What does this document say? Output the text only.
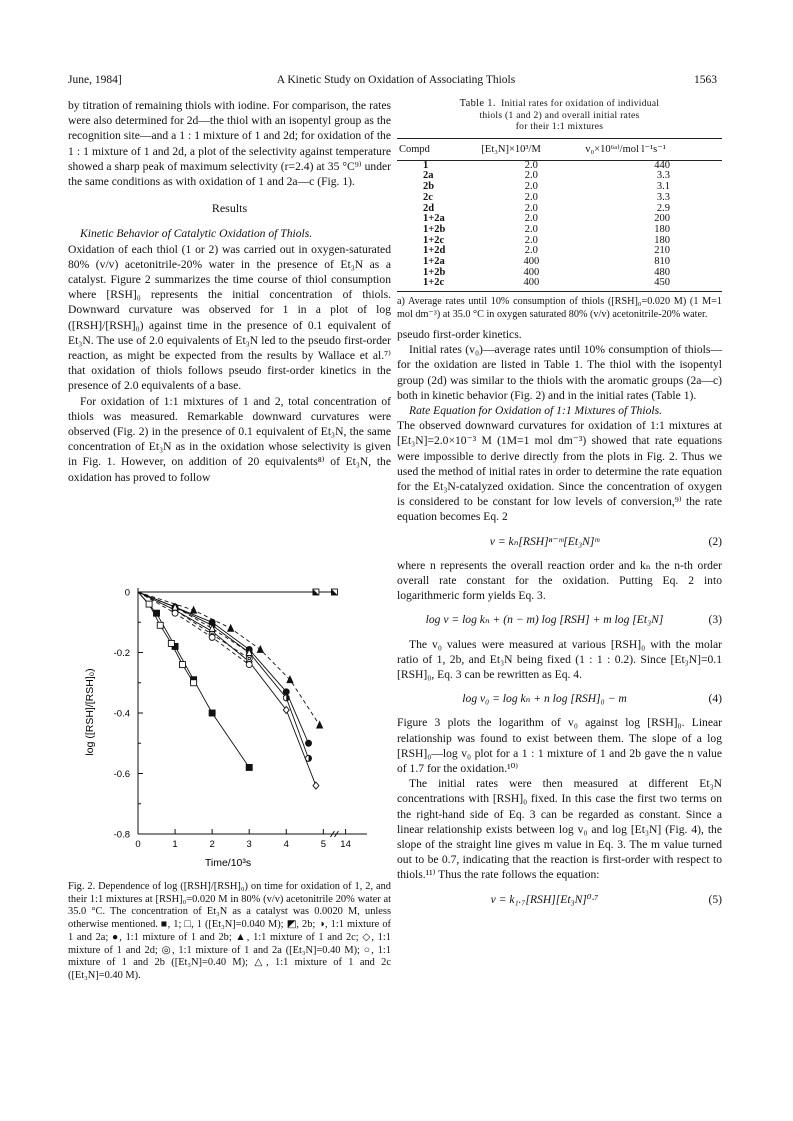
June, 1984]	A Kinetic Study on Oxidation of Associating Thiols	1563

by titration of remaining thiols with iodine. For comparison, the rates were also determined for 2d—the thiol with an isopentyl group as the recognition site—and a 1 : 1 mixture of 1 and 2d; for oxidation of the 1 : 1 mixture of 1 and 2d, a plot of the selectivity against temperature showed a sharp peak of maximum selectivity (r=2.4) at 35 °C⁹⁾ under the same conditions as with oxidation of 1 and 2a—c (Fig. 1).

Results

Kinetic Behavior of Catalytic Oxidation of Thiols.

Oxidation of each thiol (1 or 2) was carried out in oxygen-saturated 80% (v/v) acetonitrile-20% water in the presence of Et₃N as a catalyst. Figure 2 summarizes the time course of thiol consumption where [RSH]₀ represents the initial concentration of thiols. Downward curvature was observed for 1 in a plot of log ([RSH]/[RSH]₀) against time in the presence of 0.1 equivalent of Et₃N. The use of 2.0 equivalents of Et₃N led to the pseudo first-order reaction, as might be expected from the results by Wallace et al.⁷⁾ that oxidation of thiols follows pseudo first-order kinetics in the presence of 2.0 equivalents of a base.

For oxidation of 1:1 mixtures of 1 and 2, total concentration of thiols was measured. Remarkable downward curvatures were observed (Fig. 2) in the presence of 0.1 equivalent of Et₃N, the same concentration of Et₃N as in the oxidation whose selectivity is given in Fig. 1. However, on addition of 20 equivalents⁸⁾ of Et₃N, the oxidation has proved to follow

0
-0.2
-0.4
-0.6
-0.8
0	1	2	3	4	5 14
log ([RSH]/[RSH]₀)
Time/10³s

Fig. 2. Dependence of log ([RSH]/[RSH]₀) on time for oxidation of 1, 2, and their 1:1 mixtures at [RSH]₀=0.020 M in 80% (v/v) acetonitrile 20% water at 35.0 °C. The concentration of Et₃N as a catalyst was 0.0020 M, unless otherwise mentioned. ■, 1; □, 1 ([Et₃N]=0.040 M); ◩, 2b; ◑, 1:1 mixture of 1 and 2a; ●, 1:1 mixture of 1 and 2b; ▲, 1:1 mixture of 1 and 2c; ◇, 1:1 mixture of 1 and 2d; ◎, 1:1 mixture of 1 and 2a ([Et₃N]=0.40 M); ○, 1:1 mixture of 1 and 2b ([Et₃N]=0.40 M); △, 1:1 mixture of 1 and 2c ([Et₃N]=0.40 M).

Table 1. Initial rates for oxidation of individual
thiols (1 and 2) and overall initial rates
for their 1:1 mixtures
Compd	[Et₃N]×10³/M	v₀×10⁶ᵃ⁾/mol l⁻¹s⁻¹
1	2.0	440
2a	2.0	3.3
2b	2.0	3.1
2c	2.0	3.3
2d	2.0	2.9
1+2a	2.0	200
1+2b	2.0	180
1+2c	2.0	180
1+2d	2.0	210
1+2a	400	810
1+2b	400	480
1+2c	400	450

a) Average rates until 10% consumption of thiols ([RSH]₀=0.020 M) (1 M=1 mol dm⁻³) at 35.0 °C in oxygen saturated 80% (v/v) acetonitrile-20% water.

pseudo first-order kinetics.

Initial rates (v₀)—average rates until 10% consumption of thiols—for the oxidation are listed in Table 1. The thiol with the isopentyl group (2d) was similar to the thiols with the aromatic groups (2a—c) both in kinetic behavior (Fig. 2) and in the initial rates (Table 1).

Rate Equation for Oxidation of 1:1 Mixtures of Thiols.

The observed downward curvatures for oxidation of 1:1 mixtures at [Et₃N]=2.0×10⁻³ M (1M=1 mol dm⁻³) showed that rate equations were impossible to derive directly from the plots in Fig. 2. Thus we used the method of initial rates in order to determine the rate equation for the Et₃N-catalyzed oxidation. Since the concentration of oxygen is considered to be constant for low levels of conversion,⁹⁾ the rate equation becomes Eq. 2

v = kₙ[RSH]ⁿ⁻ᵐ[Et₃N]ᵐ	(2)

where n represents the overall reaction order and kₙ the n-th order overall rate constant for the oxidation. Putting Eq. 2 into logarithmeric form yields Eq. 3.

log v = log kₙ + (n − m) log [RSH] + m log [Et₃N]	(3)

The v₀ values were measured at various [RSH]₀ with the molar ratio of 1, 2b, and Et₃N being fixed (1 : 1 : 0.2). Since [Et₃N]=0.1 [RSH]₀, Eq. 3 can be rewritten as Eq. 4.

log v₀ = log kₙ + n log [RSH]₀ − m	(4)

Figure 3 plots the logarithm of v₀ against log [RSH]₀. Linear relationship was found to exist between them. The slope of a log [RSH]₀—log v₀ plot for a 1 : 1 mixture of 1 and 2b gave the n value of 1.7 for the oxidation.¹⁰⁾

The initial rates were then measured at different Et₃N concentrations with [RSH]₀ fixed. In this case the first two terms on the right-hand side of Eq. 3 can be regarded as constant. Since a linear relationship exists between log v₀ and log [Et₃N] (Fig. 4), the slope of the straight line gives m value in Eq. 3. The m value turned out to be 0.7, indicating that the reaction is first-order with respect to thiols.¹¹⁾ Thus the rate follows the equation:

v = k₁.₇[RSH][Et₃N]⁰·⁷	(5)
